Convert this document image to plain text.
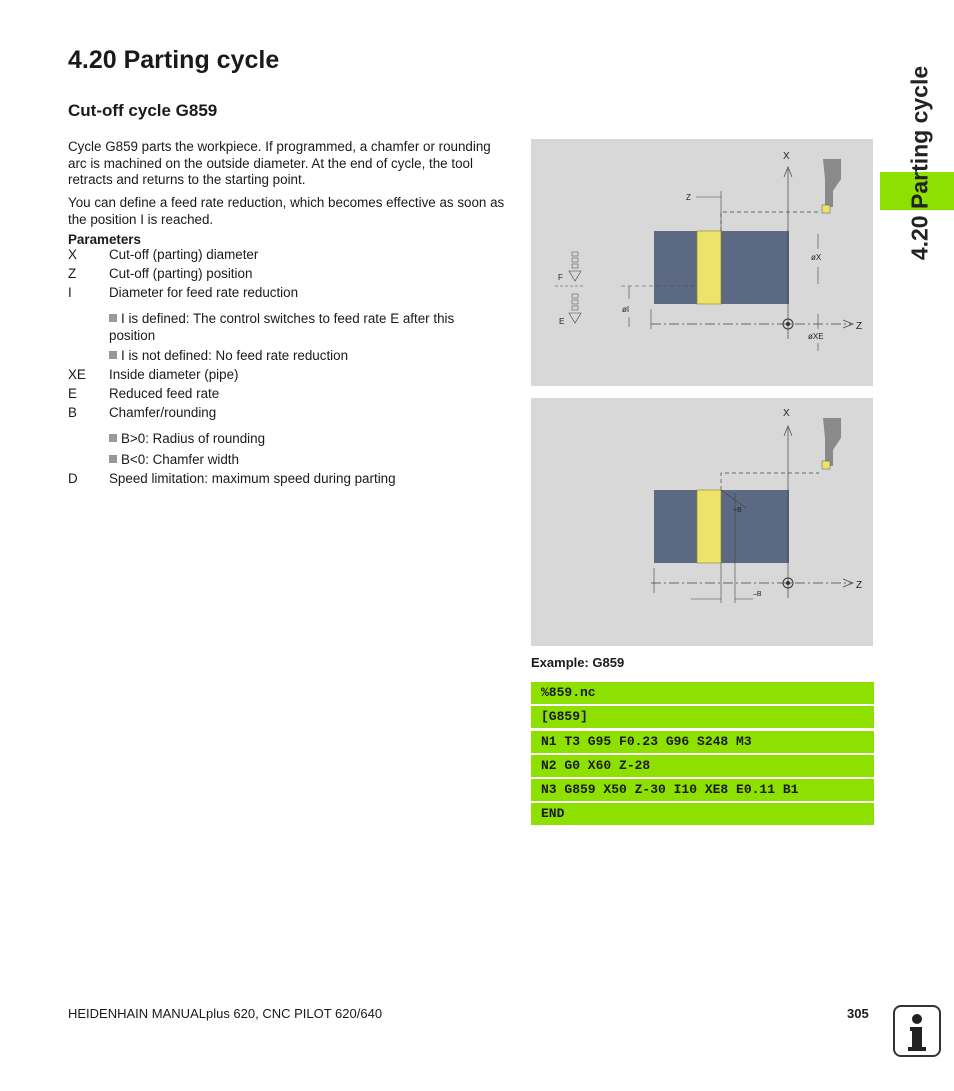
4.20 Parting cycle
Cut-off cycle G859

Cycle G859 parts the workpiece. If programmed, a chamfer or rounding arc is machined on the outside diameter. At the end of cycle, the tool retracts and returns to the starting point.

You can define a feed rate reduction, which becomes effective as soon as the position I is reached.

Parameters
X	Cut-off (parting) diameter
Z	Cut-off (parting) position
I	Diameter for feed rate reduction
I is defined: The control switches to feed rate E after this position
I is not defined: No feed rate reduction
XE	Inside diameter (pipe)
E	Reduced feed rate
B	Chamfer/rounding
B>0: Radius of rounding
B<0: Chamfer width
D	Speed limitation: maximum speed during parting
4.20 Parting cycle
X
Z
Z
øX
øXE
øI
F
E
X
Z
+B
–B
Example: G859
%859.nc
[G859]
N1 T3 G95 F0.23 G96 S248 M3
N2 G0 X60 Z-28
N3 G859 X50 Z-30 I10 XE8 E0.11 B1
END
HEIDENHAIN MANUALplus 620, CNC PILOT 620/640	305
